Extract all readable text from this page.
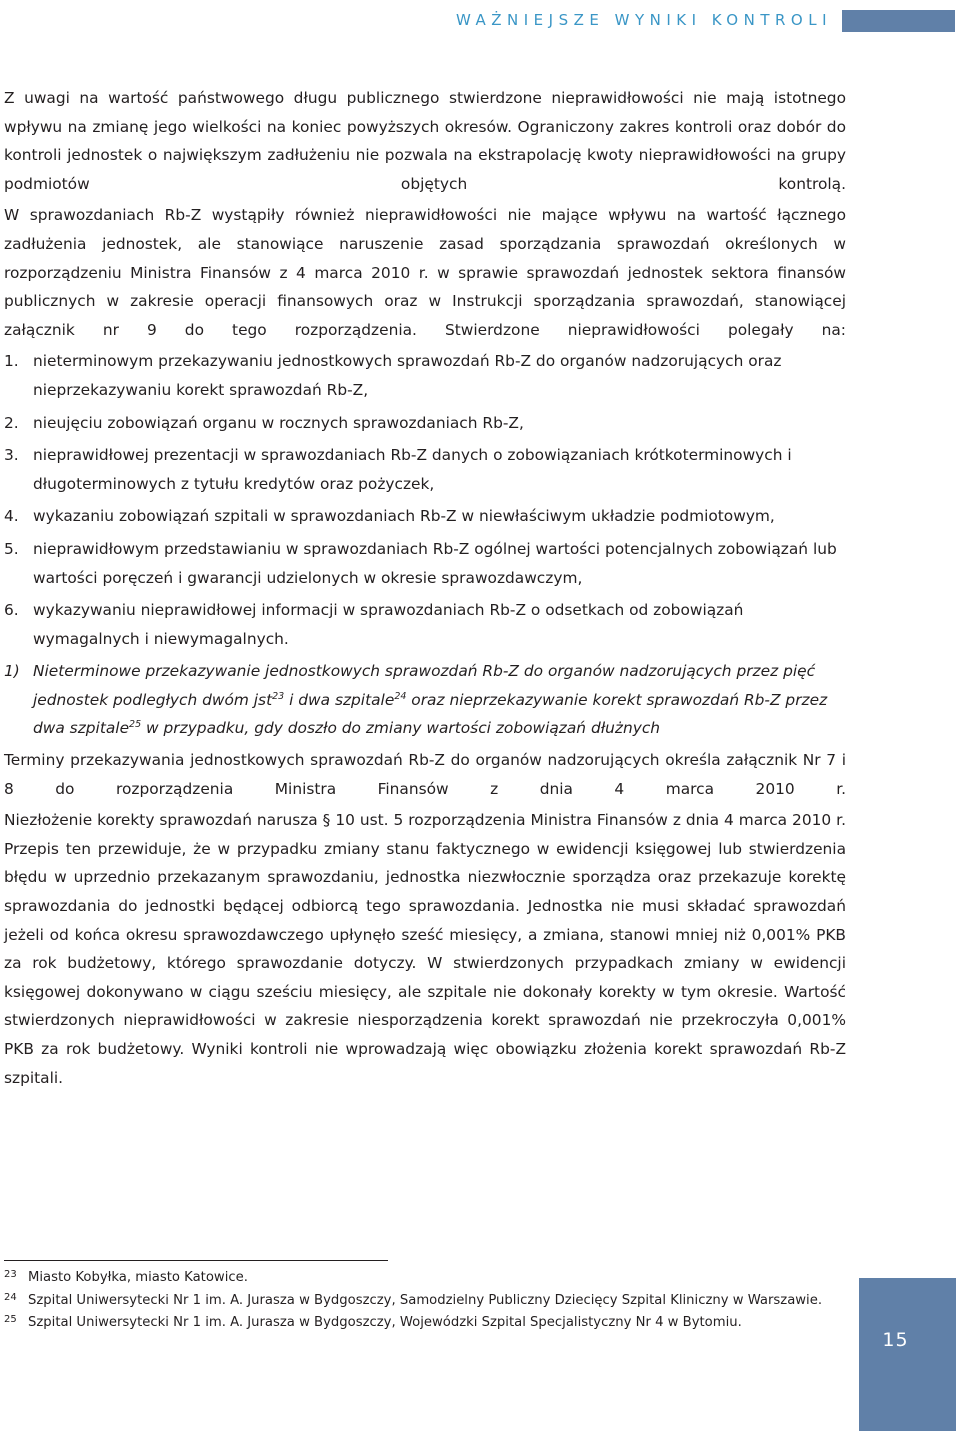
WAŻNIEJSZE WYNIKI KONTROLI

Z uwagi na wartość państwowego długu publicznego stwierdzone nieprawidłowości nie mają istotnego wpływu na zmianę jego wielkości na koniec powyższych okresów. Ograniczony zakres kontroli oraz dobór do kontroli jednostek o największym zadłużeniu nie pozwala na ekstrapolację kwoty nieprawidłowości na grupy podmiotów objętych kontrolą.

W sprawozdaniach Rb-Z wystąpiły również nieprawidłowości nie mające wpływu na wartość łącznego zadłużenia jednostek, ale stanowiące naruszenie zasad sporządzania sprawozdań określonych w rozporządzeniu Ministra Finansów z 4 marca 2010 r. w sprawie sprawozdań jednostek sektora finansów publicznych w zakresie operacji finansowych oraz w Instrukcji sporządzania sprawozdań, stanowiącej załącznik nr 9 do tego rozporządzenia. Stwierdzone nieprawidłowości polegały na:

1. nieterminowym przekazywaniu jednostkowych sprawozdań Rb-Z do organów nadzorujących oraz nieprzekazywaniu korekt sprawozdań Rb-Z,
2. nieujęciu zobowiązań organu w rocznych sprawozdaniach Rb-Z,
3. nieprawidłowej prezentacji w sprawozdaniach Rb-Z danych o zobowiązaniach krótkoterminowych i długoterminowych z tytułu kredytów oraz pożyczek,
4. wykazaniu zobowiązań szpitali w sprawozdaniach Rb-Z w niewłaściwym układzie podmiotowym,
5. nieprawidłowym przedstawianiu w sprawozdaniach Rb-Z ogólnej wartości potencjalnych zobowiązań lub wartości poręczeń i gwarancji udzielonych w okresie sprawozdawczym,
6. wykazywaniu nieprawidłowej informacji w sprawozdaniach Rb-Z o odsetkach od zobowiązań wymagalnych i niewymagalnych.
1) Nieterminowe przekazywanie jednostkowych sprawozdań Rb-Z do organów nadzorujących przez pięć jednostek podległych dwóm jst$^{23}$ i dwa szpitale$^{24}$ oraz nieprzekazywanie korekt sprawozdań Rb-Z przez dwa szpitale$^{25}$ w przypadku, gdy doszło do zmiany wartości zobowiązań dłużnych

Terminy przekazywania jednostkowych sprawozdań Rb-Z do organów nadzorujących określa załącznik Nr 7 i 8 do rozporządzenia Ministra Finansów z dnia 4 marca 2010 r.

Niezłożenie korekty sprawozdań narusza § 10 ust. 5 rozporządzenia Ministra Finansów z dnia 4 marca 2010 r. Przepis ten przewiduje, że w przypadku zmiany stanu faktycznego w ewidencji księgowej lub stwierdzenia błędu w uprzednio przekazanym sprawozdaniu, jednostka niezwłocznie sporządza oraz przekazuje korektę sprawozdania do jednostki będącej odbiorcą tego sprawozdania. Jednostka nie musi składać sprawozdań jeżeli od końca okresu sprawozdawczego upłynęło sześć miesięcy, a zmiana, stanowi mniej niż 0,001% PKB za rok budżetowy, którego sprawozdanie dotyczy. W stwierdzonych przypadkach zmiany w ewidencji księgowej dokonywano w ciągu sześciu miesięcy, ale szpitale nie dokonały korekty w tym okresie. Wartość stwierdzonych nieprawidłowości w zakresie niesporządzenia korekt sprawozdań nie przekroczyła 0,001% PKB za rok budżetowy. Wyniki kontroli nie wprowadzają więc obowiązku złożenia korekt sprawozdań Rb-Z szpitali.

23 Miasto Kobyłka, miasto Katowice.
24 Szpital Uniwersytecki Nr 1 im. A. Jurasza w Bydgoszczy, Samodzielny Publiczny Dziecięcy Szpital Kliniczny w Warszawie.
25 Szpital Uniwersytecki Nr 1 im. A. Jurasza w Bydgoszczy, Wojewódzki Szpital Specjalistyczny Nr 4 w Bytomiu.
15
